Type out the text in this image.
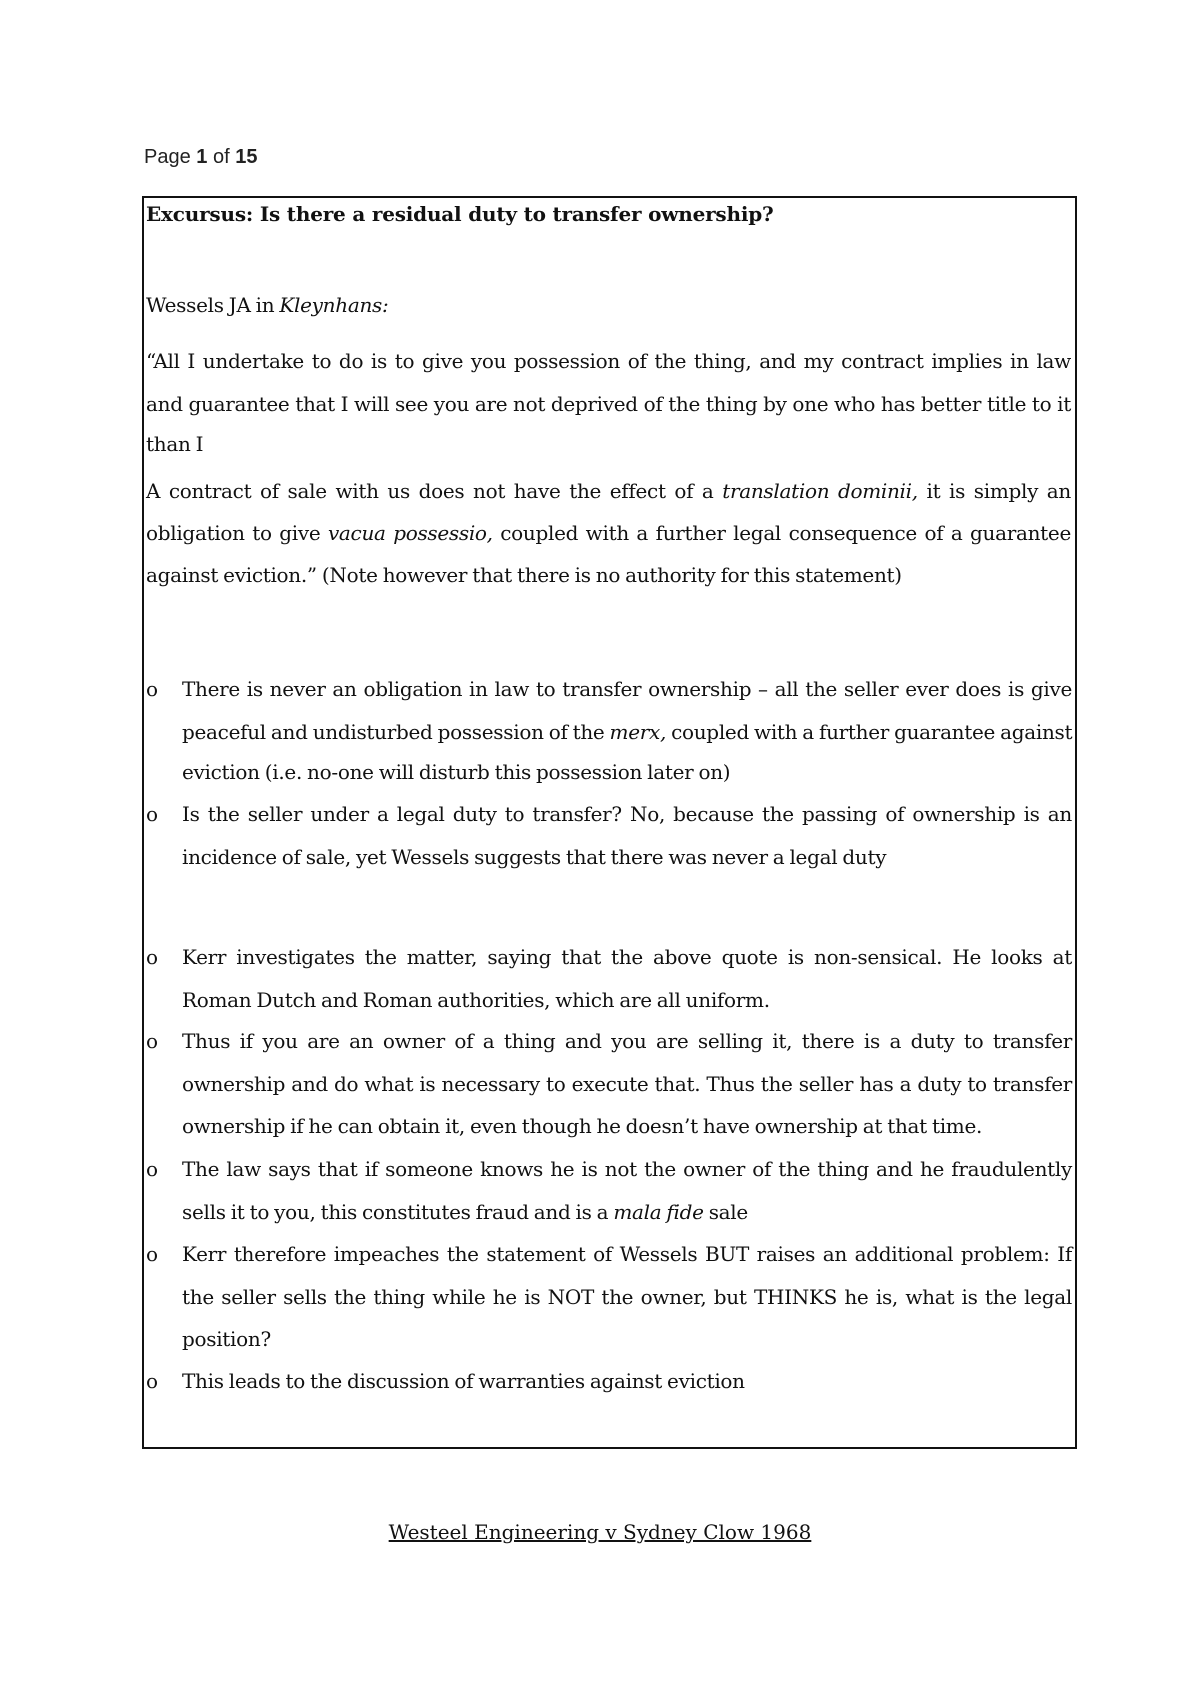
Page 1 of 15
Excursus: Is there a residual duty to transfer ownership?
Wessels JA in Kleynhans:
“All I undertake to do is to give you possession of the thing, and my contract implies in law
and guarantee that I will see you are not deprived of the thing by one who has better title to it
than I
A contract of sale with us does not have the effect of a translation dominii, it is simply an
obligation to give vacua possessio, coupled with a further legal consequence of a guarantee
against eviction.” (Note however that there is no authority for this statement)
o There is never an obligation in law to transfer ownership – all the seller ever does is give
peaceful and undisturbed possession of the merx, coupled with a further guarantee against
eviction (i.e. no-one will disturb this possession later on)
o Is the seller under a legal duty to transfer? No, because the passing of ownership is an
incidence of sale, yet Wessels suggests that there was never a legal duty
o Kerr investigates the matter, saying that the above quote is non-sensical. He looks at
Roman Dutch and Roman authorities, which are all uniform.
o Thus if you are an owner of a thing and you are selling it, there is a duty to transfer
ownership and do what is necessary to execute that. Thus the seller has a duty to transfer
ownership if he can obtain it, even though he doesn’t have ownership at that time.
o The law says that if someone knows he is not the owner of the thing and he fraudulently
sells it to you, this constitutes fraud and is a mala fide sale
o Kerr therefore impeaches the statement of Wessels BUT raises an additional problem: If
the seller sells the thing while he is NOT the owner, but THINKS he is, what is the legal
position?
o This leads to the discussion of warranties against eviction
Westeel Engineering v Sydney Clow 1968
